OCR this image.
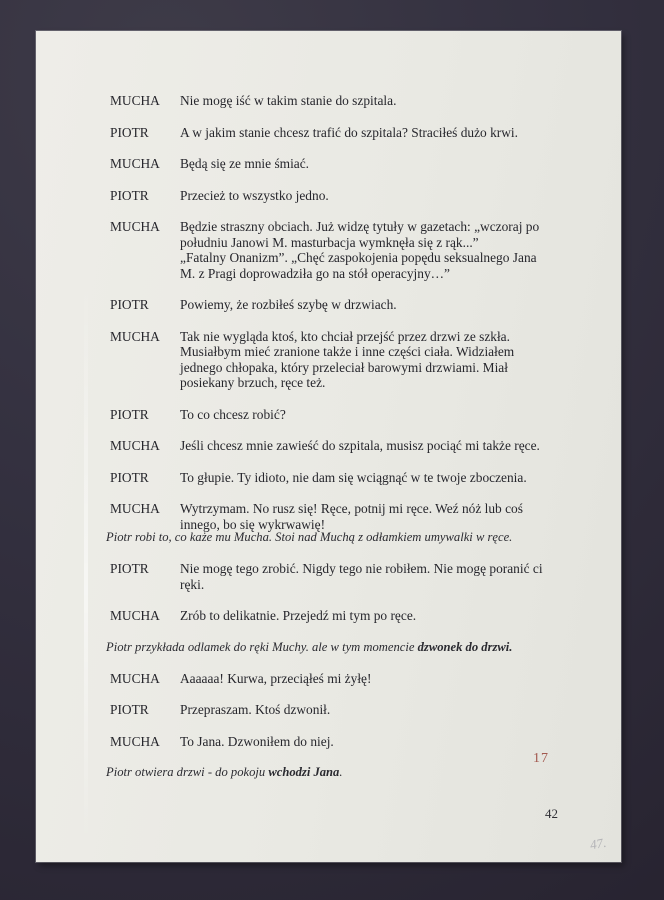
MUCHA	Nie mogę iść w takim stanie do szpitala.
PIOTR	A w jakim stanie chcesz trafić do szpitala? Straciłeś dużo krwi.
MUCHA	Będą się ze mnie śmiać.
PIOTR	Przecież to wszystko jedno.
MUCHA	Będzie straszny obciach. Już widzę tytuły w gazetach: „wczoraj po
południu Janowi M. masturbacja wymknęła się z rąk...”
„Fatalny Onanizm”. „Chęć zaspokojenia popędu seksualnego Jana
M. z Pragi doprowadziła go na stół operacyjny…”
PIOTR	Powiemy, że rozbiłeś szybę w drzwiach.
MUCHA	Tak nie wygląda ktoś, kto chciał przejść przez drzwi ze szkła.
Musiałbym mieć zranione także i inne części ciała. Widziałem
jednego chłopaka, który przeleciał barowymi drzwiami. Miał
posiekany brzuch, ręce też.
PIOTR	To co chcesz robić?
MUCHA	Jeśli chcesz mnie zawieść do szpitala, musisz pociąć mi także ręce.
PIOTR	To głupie. Ty idioto, nie dam się wciągnąć w te twoje zboczenia.
MUCHA	Wytrzymam. No rusz się! Ręce, potnij mi ręce. Weź nóż lub coś
innego, bo się wykrwawię!
Piotr robi to, co każe mu Mucha. Stoi nad Muchą z odłamkiem umywalki w ręce.
PIOTR	Nie mogę tego zrobić. Nigdy tego nie robiłem. Nie mogę poranić ci
ręki.
MUCHA	Zrób to delikatnie. Przejedź mi tym po ręce.
Piotr przykłada odlamek do ręki Muchy. ale w tym momencie dzwonek do drzwi.
MUCHA	Aaaaaa! Kurwa, przeciąłeś mi żyłę!
PIOTR	Przepraszam. Ktoś dzwonił.
MUCHA	To Jana. Dzwoniłem do niej.
Piotr otwiera drzwi - do pokoju wchodzi Jana.
17
42
47.
